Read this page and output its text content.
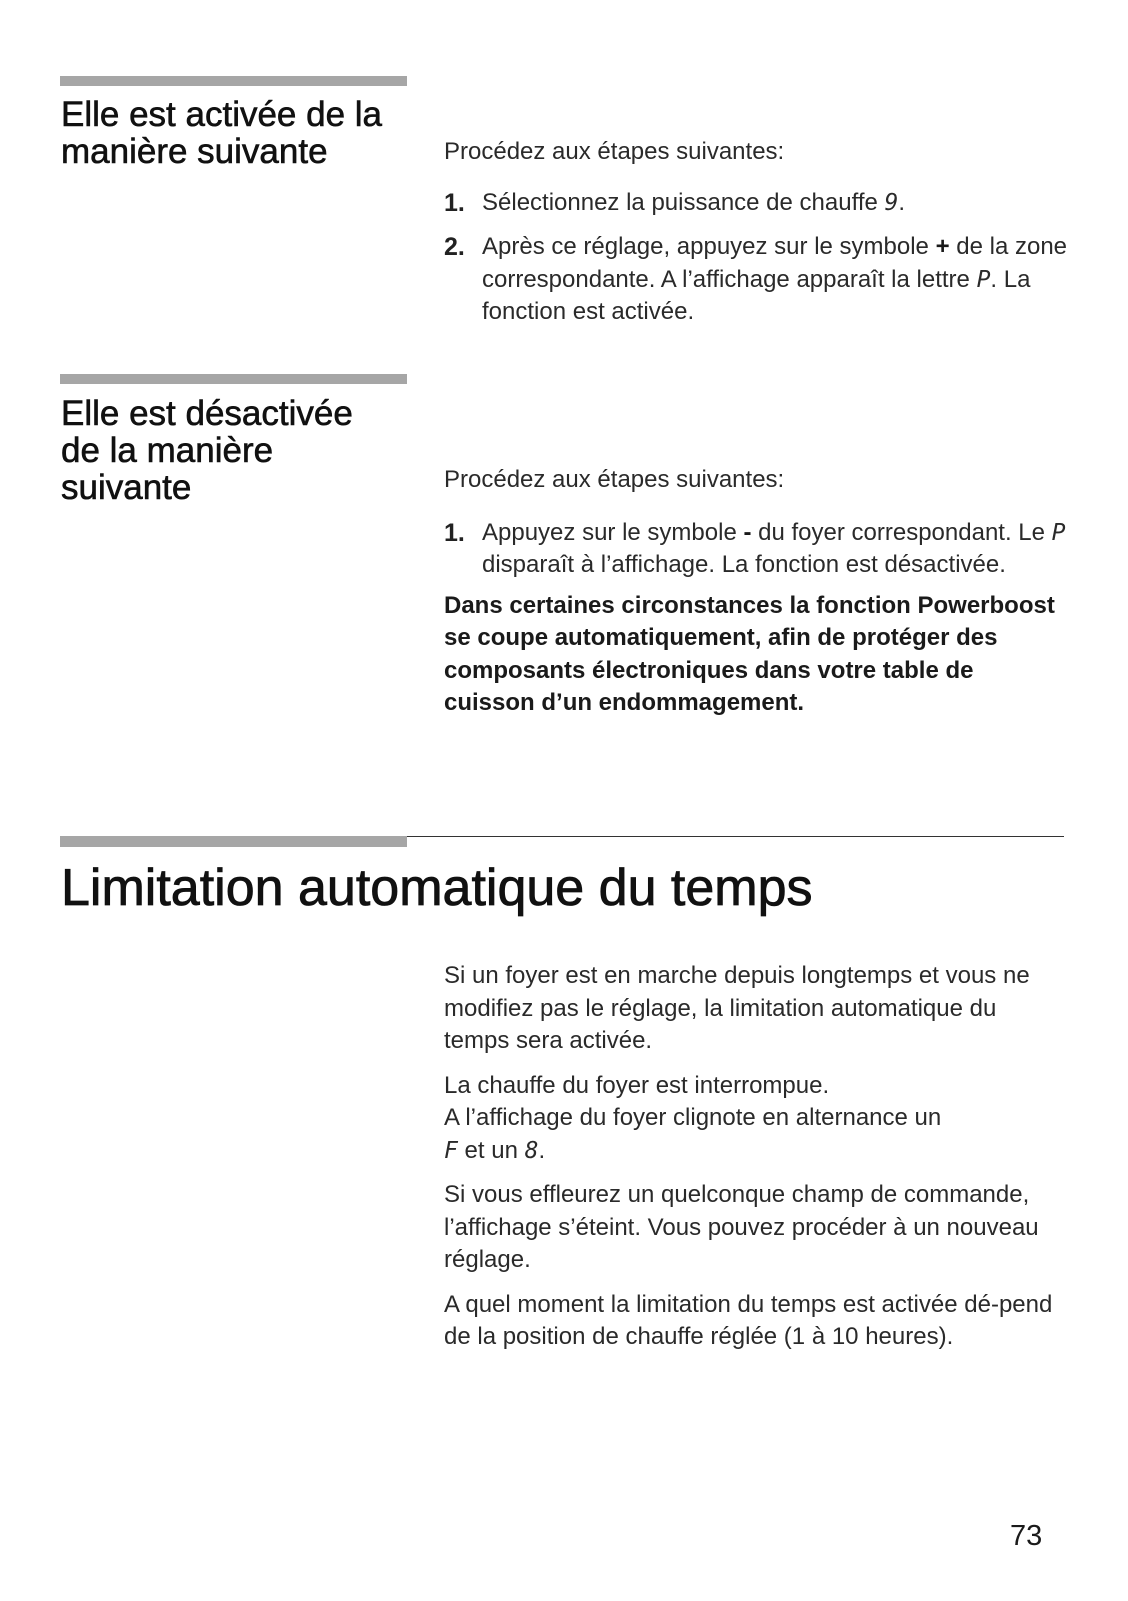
Elle est activée de la manière suivante	Procédez aux étapes suivantes:

1. Sélectionnez la puissance de chauffe 9.
2. Après ce réglage, appuyez sur le symbole + de la zone correspondante. A l’affichage apparaît la lettre P. La fonction est activée.
Elle est désactivée de la manière suivante	Procédez aux étapes suivantes:

1. Appuyez sur le symbole - du foyer correspondant. Le P disparaît à l’affichage. La fonction est désactivée.

Dans certaines circonstances la fonction Powerboost se coupe automatiquement, afin de protéger des composants électroniques dans votre table de cuisson d’un endommagement.

Limitation automatique du temps

Si un foyer est en marche depuis longtemps et vous ne modifiez pas le réglage, la limitation automatique du temps sera activée.

La chauffe du foyer est interrompue.
A l’affichage du foyer clignote en alternance un
F et un 8.

Si vous effleurez un quelconque champ de commande, l’affichage s’éteint. Vous pouvez procéder à un nouveau réglage.

A quel moment la limitation du temps est activée dé-pend de la position de chauffe réglée (1 à 10 heures).

73
